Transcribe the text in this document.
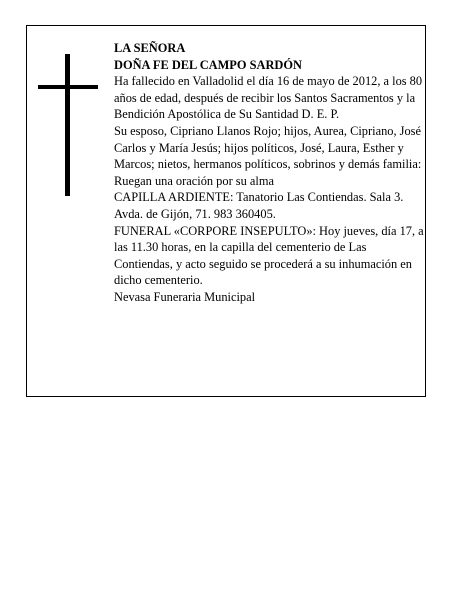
LA SEÑORA

DOÑA FE DEL CAMPO SARDÓN

Ha fallecido en Valladolid el día 16 de mayo de 2012, a los 80 años de edad, después de recibir los Santos Sacramentos y la Bendición Apostólica de Su Santidad D. E. P.

Su esposo, Cipriano Llanos Rojo; hijos, Aurea, Cipriano, José Carlos y María Jesús; hijos políticos, José, Laura, Esther y Marcos; nietos, hermanos políticos, sobrinos y demás familia:

Ruegan una oración por su alma

CAPILLA ARDIENTE: Tanatorio Las Contiendas. Sala 3. Avda. de Gijón, 71. 983 360405.

FUNERAL «CORPORE INSEPULTO»: Hoy jueves, día 17, a las 11.30 horas, en la capilla del cementerio de Las Contiendas, y acto seguido se procederá a su inhumación en dicho cementerio.

Nevasa Funeraria Municipal
